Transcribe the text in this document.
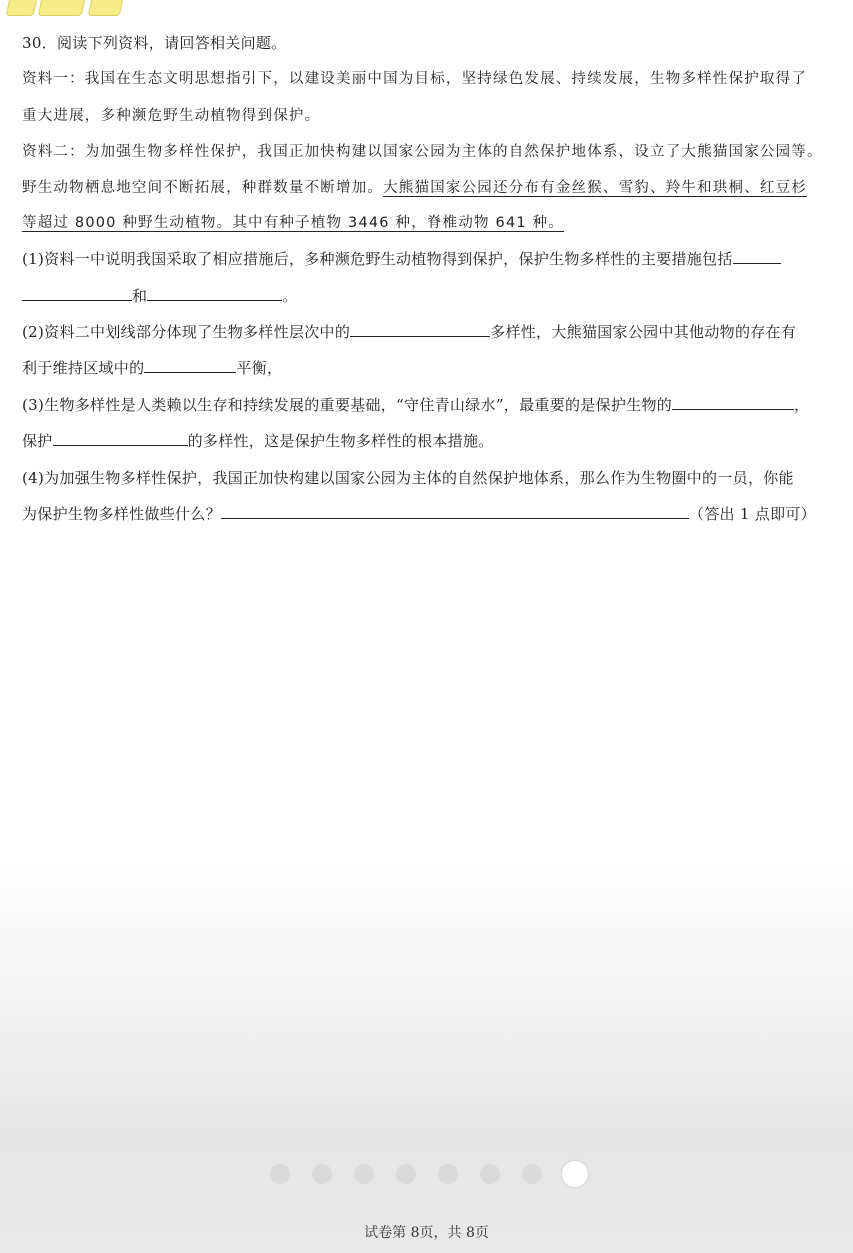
30．阅读下列资料，请回答相关问题。
资料一：我国在生态文明思想指引下，以建设美丽中国为目标，坚持绿色发展、持续发展，生物多样性保护取得了
重大进展，多种濒危野生动植物得到保护。
资料二：为加强生物多样性保护，我国正加快构建以国家公园为主体的自然保护地体系，设立了大熊猫国家公园等。
野生动物栖息地空间不断拓展，种群数量不断增加。大熊猫国家公园还分布有金丝猴、雪豹、羚牛和珙桐、红豆杉
等超过 8000 种野生动植物。其中有种子植物 3446 种，脊椎动物 641 种。
(1)资料一中说明我国采取了相应措施后，多种濒危野生动植物得到保护，保护生物多样性的主要措施包括
和	。
(2)资料二中划线部分体现了生物多样性层次中的	多样性，大熊猫国家公园中其他动物的存在有
利于维持区域中的	平衡，
(3)生物多样性是人类赖以生存和持续发展的重要基础，“守住青山绿水”，最重要的是保护生物的	，
保护	的多样性，这是保护生物多样性的根本措施。
(4)为加强生物多样性保护，我国正加快构建以国家公园为主体的自然保护地体系，那么作为生物圈中的一员，你能
为保护生物多样性做些什么？	（答出 1 点即可）
试卷第 8页，共 8页
